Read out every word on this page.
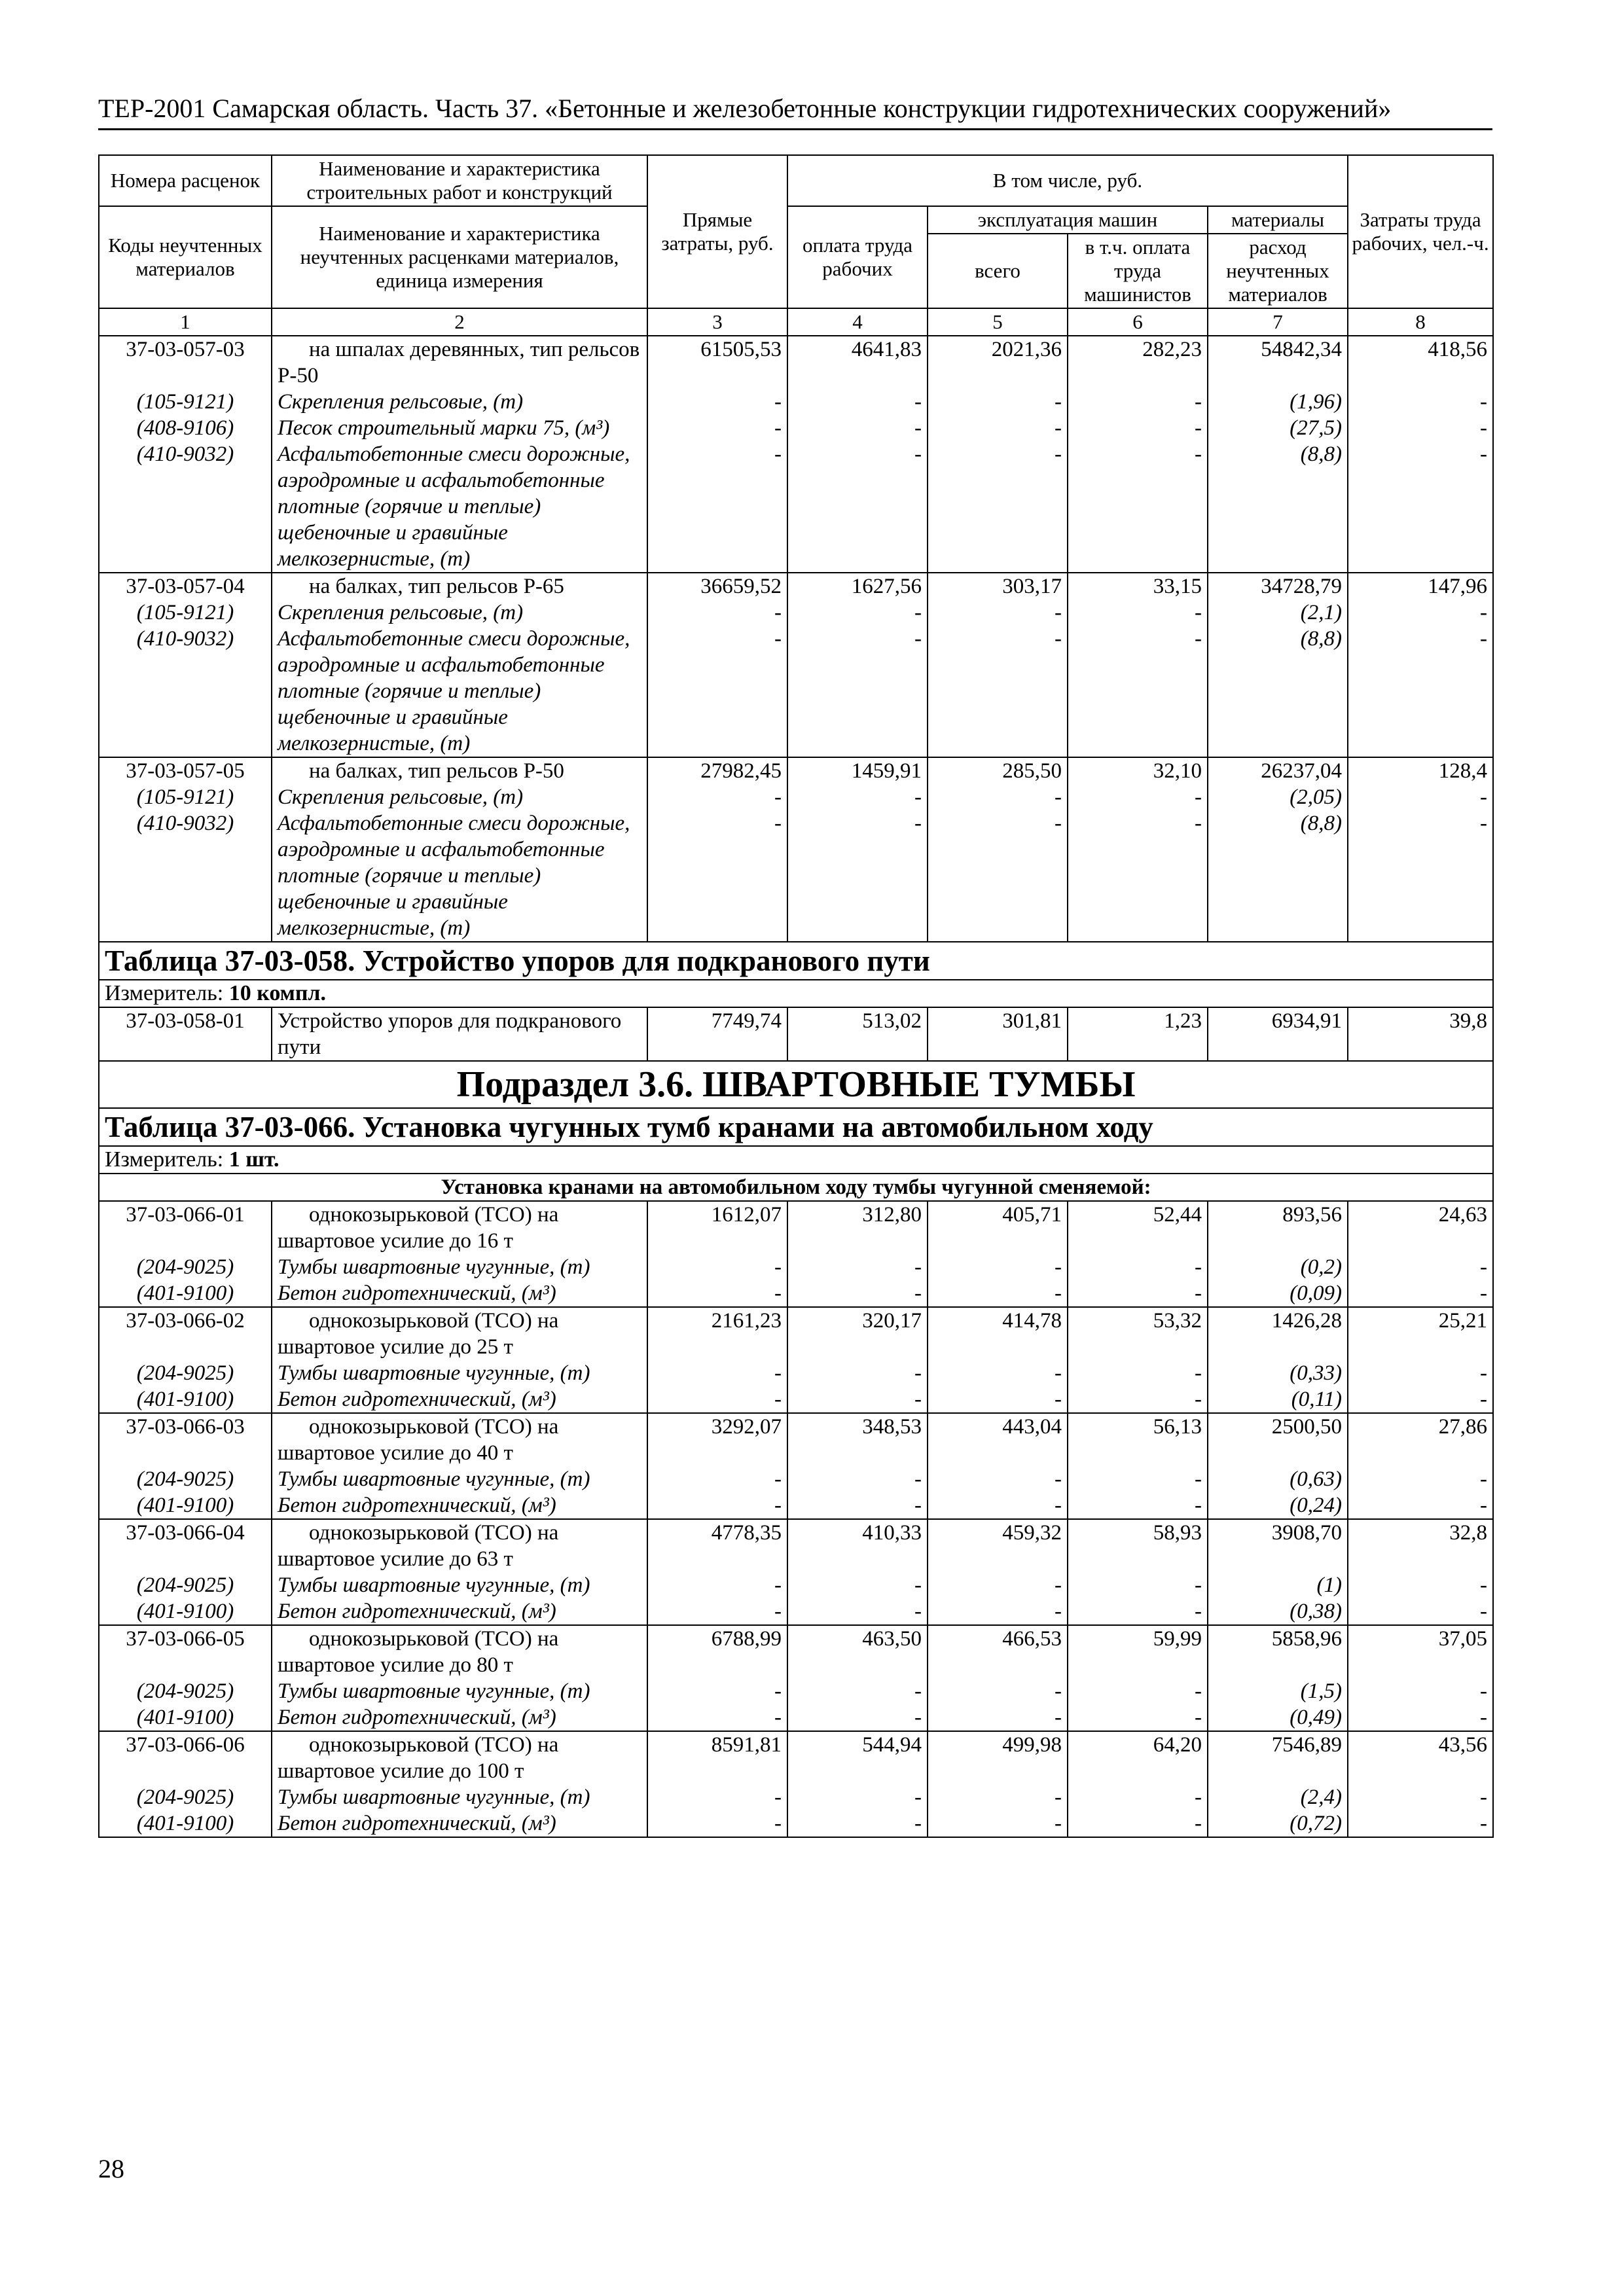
ТЕР-2001 Самарская область. Часть 37. «Бетонные и железобетонные конструкции гидротехнических сооружений»
Номера расценок	Наименование и характеристика строительных работ и конструкций	Прямые затраты, руб.	В том числе, руб.				Затраты труда рабочих, чел.-ч.
Коды неучтенных материалов	Наименование и характеристика неучтенных расценками материалов, единица измерения		оплата труда рабочих	эксплуатация машин		материалы	
				всего	в т.ч. оплата труда машинистов	расход неучтенных материалов	
1	2	3	4	5	6	7	8
37-03-057-03	на шпалах деревянных, тип рельсов Р-50	61505,53	4641,83	2021,36	282,23	54842,34	418,56
(105-9121)	Скрепления рельсовые, (т)	-	-	-	-	(1,96)	-
(408-9106)	Песок строительный марки 75, (м³)	-	-	-	-	(27,5)	-
(410-9032)	Асфальтобетонные смеси дорожные, аэродромные и асфальтобетонные плотные (горячие и теплые) щебеночные и гравийные мелкозернистые, (т)	-	-	-	-	(8,8)	-
37-03-057-04	на балках, тип рельсов Р-65	36659,52	1627,56	303,17	33,15	34728,79	147,96
(105-9121)	Скрепления рельсовые, (т)	-	-	-	-	(2,1)	-
(410-9032)	Асфальтобетонные смеси дорожные, аэродромные и асфальтобетонные плотные (горячие и теплые) щебеночные и гравийные мелкозернистые, (т)	-	-	-	-	(8,8)	-
37-03-057-05	на балках, тип рельсов Р-50	27982,45	1459,91	285,50	32,10	26237,04	128,4
(105-9121)	Скрепления рельсовые, (т)	-	-	-	-	(2,05)	-
(410-9032)	Асфальтобетонные смеси дорожные, аэродромные и асфальтобетонные плотные (горячие и теплые) щебеночные и гравийные мелкозернистые, (т)	-	-	-	-	(8,8)	-
Таблица 37-03-058. Устройство упоров для подкранового пути							
Измеритель: 10 компл.							
37-03-058-01	Устройство упоров для подкранового пути	7749,74	513,02	301,81	1,23	6934,91	39,8
Подраздел 3.6. ШВАРТОВНЫЕ ТУМБЫ							
Таблица 37-03-066. Установка чугунных тумб кранами на автомобильном ходу							
Измеритель: 1 шт.							
Установка кранами на автомобильном ходу тумбы чугунной сменяемой:							
37-03-066-01	однокозырьковой (ТСО) на швартовое усилие до 16 т	1612,07	312,80	405,71	52,44	893,56	24,63
(204-9025)	Тумбы швартовные чугунные, (т)	-	-	-	-	(0,2)	-
(401-9100)	Бетон гидротехнический, (м³)	-	-	-	-	(0,09)	-
37-03-066-02	однокозырьковой (ТСО) на швартовое усилие до 25 т	2161,23	320,17	414,78	53,32	1426,28	25,21
(204-9025)	Тумбы швартовные чугунные, (т)	-	-	-	-	(0,33)	-
(401-9100)	Бетон гидротехнический, (м³)	-	-	-	-	(0,11)	-
37-03-066-03	однокозырьковой (ТСО) на швартовое усилие до 40 т	3292,07	348,53	443,04	56,13	2500,50	27,86
(204-9025)	Тумбы швартовные чугунные, (т)	-	-	-	-	(0,63)	-
(401-9100)	Бетон гидротехнический, (м³)	-	-	-	-	(0,24)	-
37-03-066-04	однокозырьковой (ТСО) на швартовое усилие до 63 т	4778,35	410,33	459,32	58,93	3908,70	32,8
(204-9025)	Тумбы швартовные чугунные, (т)	-	-	-	-	(1)	-
(401-9100)	Бетон гидротехнический, (м³)	-	-	-	-	(0,38)	-
37-03-066-05	однокозырьковой (ТСО) на швартовое усилие до 80 т	6788,99	463,50	466,53	59,99	5858,96	37,05
(204-9025)	Тумбы швартовные чугунные, (т)	-	-	-	-	(1,5)	-
(401-9100)	Бетон гидротехнический, (м³)	-	-	-	-	(0,49)	-
37-03-066-06	однокозырьковой (ТСО) на швартовое усилие до 100 т	8591,81	544,94	499,98	64,20	7546,89	43,56
(204-9025)	Тумбы швартовные чугунные, (т)	-	-	-	-	(2,4)	-
(401-9100)	Бетон гидротехнический, (м³)	-	-	-	-	(0,72)	-
28
